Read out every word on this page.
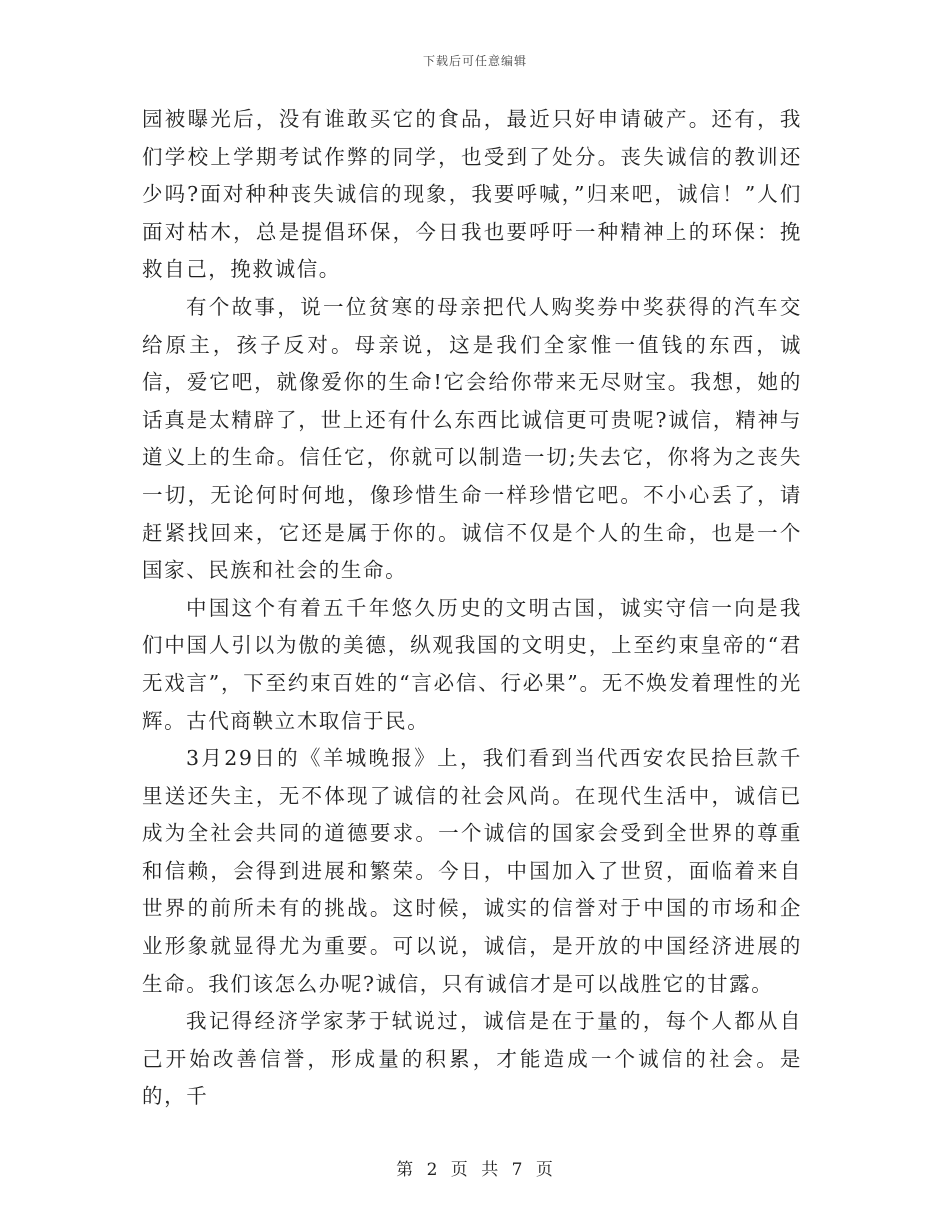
下载后可任意编辑

园被曝光后，没有谁敢买它的食品，最近只好申请破产。还有，我们学校上学期考试作弊的同学，也受到了处分。丧失诚信的教训还少吗?面对种种丧失诚信的现象，我要呼喊，”归来吧，诚信！”人们面对枯木，总是提倡环保，今日我也要呼吁一种精神上的环保：挽救自己，挽救诚信。

有个故事，说一位贫寒的母亲把代人购奖券中奖获得的汽车交给原主，孩子反对。母亲说，这是我们全家惟一值钱的东西，诚信，爱它吧，就像爱你的生命!它会给你带来无尽财宝。我想，她的话真是太精辟了，世上还有什么东西比诚信更可贵呢?诚信，精神与道义上的生命。信任它，你就可以制造一切;失去它，你将为之丧失一切，无论何时何地，像珍惜生命一样珍惜它吧。不小心丢了，请赶紧找回来，它还是属于你的。诚信不仅是个人的生命，也是一个国家、民族和社会的生命。

中国这个有着五千年悠久历史的文明古国，诚实守信一向是我们中国人引以为傲的美德，纵观我国的文明史，上至约束皇帝的“君无戏言”，下至约束百姓的“言必信、行必果”。无不焕发着理性的光辉。古代商鞅立木取信于民。

3月29日的《羊城晚报》上，我们看到当代西安农民拾巨款千里送还失主，无不体现了诚信的社会风尚。在现代生活中，诚信已成为全社会共同的道德要求。一个诚信的国家会受到全世界的尊重和信赖，会得到进展和繁荣。今日，中国加入了世贸，面临着来自世界的前所未有的挑战。这时候，诚实的信誉对于中国的市场和企业形象就显得尤为重要。可以说，诚信，是开放的中国经济进展的生命。我们该怎么办呢?诚信，只有诚信才是可以战胜它的甘露。

我记得经济学家茅于轼说过，诚信是在于量的，每个人都从自己开始改善信誉，形成量的积累，才能造成一个诚信的社会。是的，千

第 2 页 共 7 页
